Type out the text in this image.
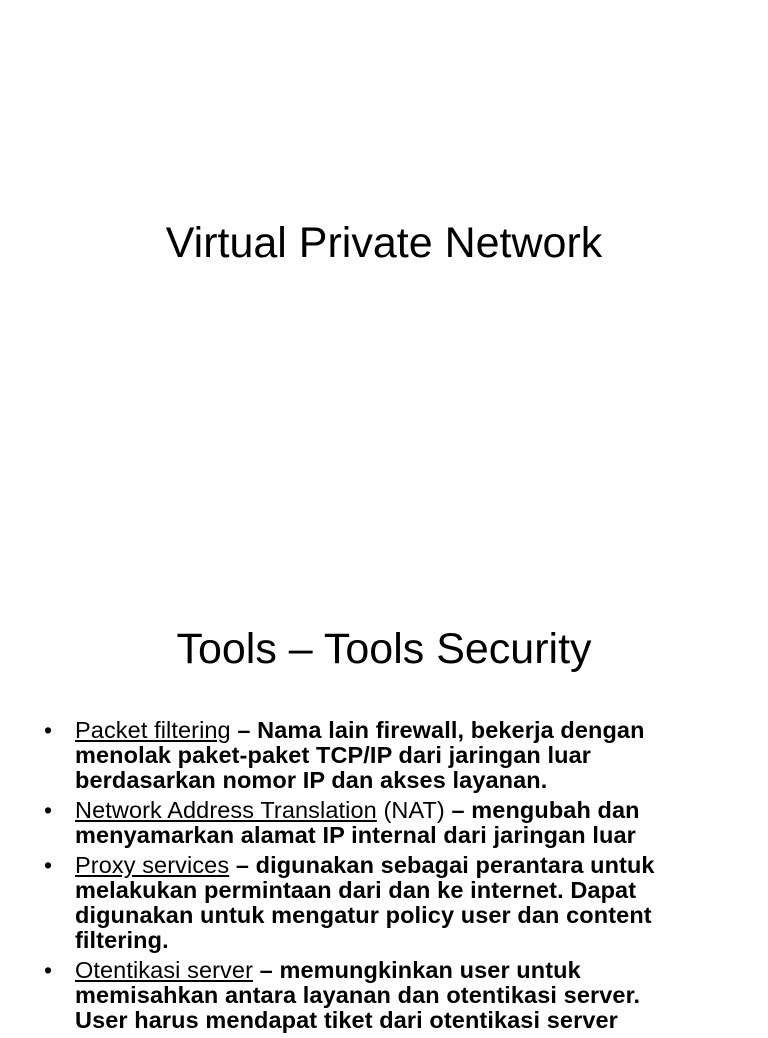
Virtual Private Network
Tools – Tools Security
• Packet filtering – Nama lain firewall, bekerja dengan
menolak paket-paket TCP/IP dari jaringan luar
berdasarkan nomor IP dan akses layanan.
• Network Address Translation (NAT) – mengubah dan
menyamarkan alamat IP internal dari jaringan luar
• Proxy services – digunakan sebagai perantara untuk
melakukan permintaan dari dan ke internet. Dapat
digunakan untuk mengatur policy user dan content
filtering.
• Otentikasi server – memungkinkan user untuk
memisahkan antara layanan dan otentikasi server.
User harus mendapat tiket dari otentikasi server
